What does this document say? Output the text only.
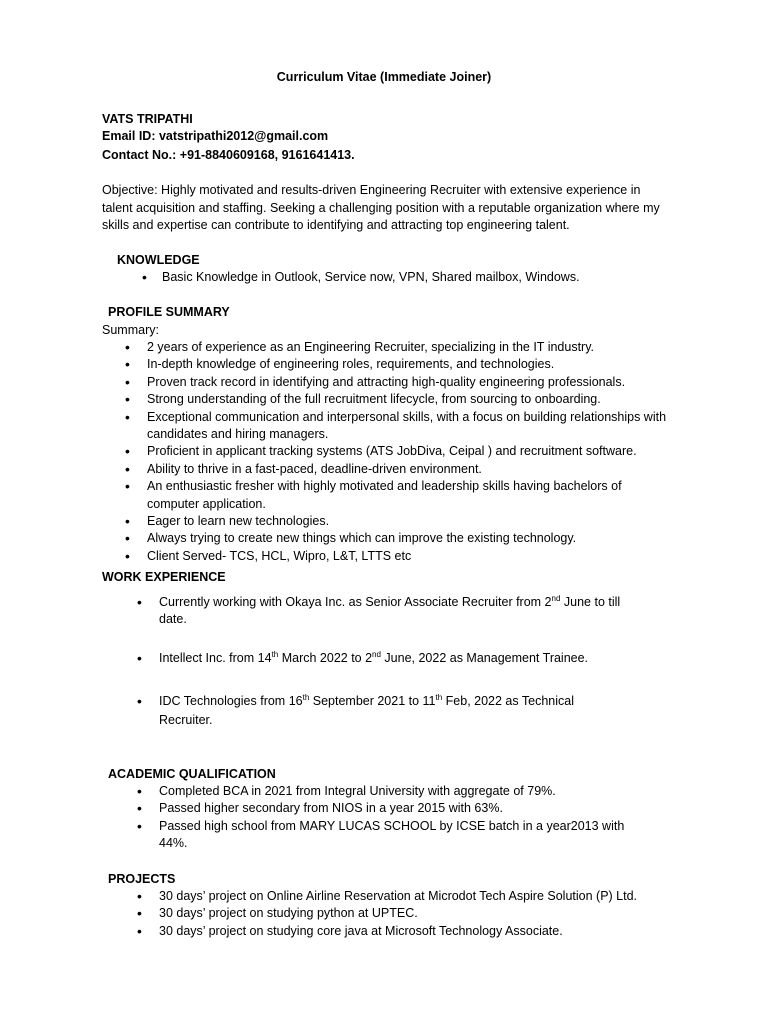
Curriculum Vitae (Immediate Joiner)
VATS TRIPATHI
Email ID: vatstripathi2012@gmail.com
Contact No.: +91-8840609168, 9161641413.
Objective: Highly motivated and results-driven Engineering Recruiter with extensive experience in talent acquisition and staffing. Seeking a challenging position with a reputable organization where my skills and expertise can contribute to identifying and attracting top engineering talent.
KNOWLEDGE
• Basic Knowledge in Outlook, Service now, VPN, Shared mailbox, Windows.
PROFILE SUMMARY
Summary:
• 2 years of experience as an Engineering Recruiter, specializing in the IT industry.
• In-depth knowledge of engineering roles, requirements, and technologies.
• Proven track record in identifying and attracting high-quality engineering professionals.
• Strong understanding of the full recruitment lifecycle, from sourcing to onboarding.
• Exceptional communication and interpersonal skills, with a focus on building relationships with candidates and hiring managers.
• Proficient in applicant tracking systems (ATS JobDiva, Ceipal ) and recruitment software.
• Ability to thrive in a fast-paced, deadline-driven environment.
• An enthusiastic fresher with highly motivated and leadership skills having bachelors of computer application.
• Eager to learn new technologies.
• Always trying to create new things which can improve the existing technology.
• Client Served- TCS, HCL, Wipro, L&T, LTTS etc
WORK EXPERIENCE
• Currently working with Okaya Inc. as Senior Associate Recruiter from 2nd June to till date.
• Intellect Inc. from 14th March 2022 to 2nd June, 2022 as Management Trainee.
• IDC Technologies from 16th September 2021 to 11th Feb, 2022 as Technical Recruiter.
ACADEMIC QUALIFICATION
• Completed BCA in 2021 from Integral University with aggregate of 79%.
• Passed higher secondary from NIOS in a year 2015 with 63%.
• Passed high school from MARY LUCAS SCHOOL by ICSE batch in a year2013 with 44%.
PROJECTS
• 30 days’ project on Online Airline Reservation at Microdot Tech Aspire Solution (P) Ltd.
• 30 days’ project on studying python at UPTEC.
• 30 days’ project on studying core java at Microsoft Technology Associate.
